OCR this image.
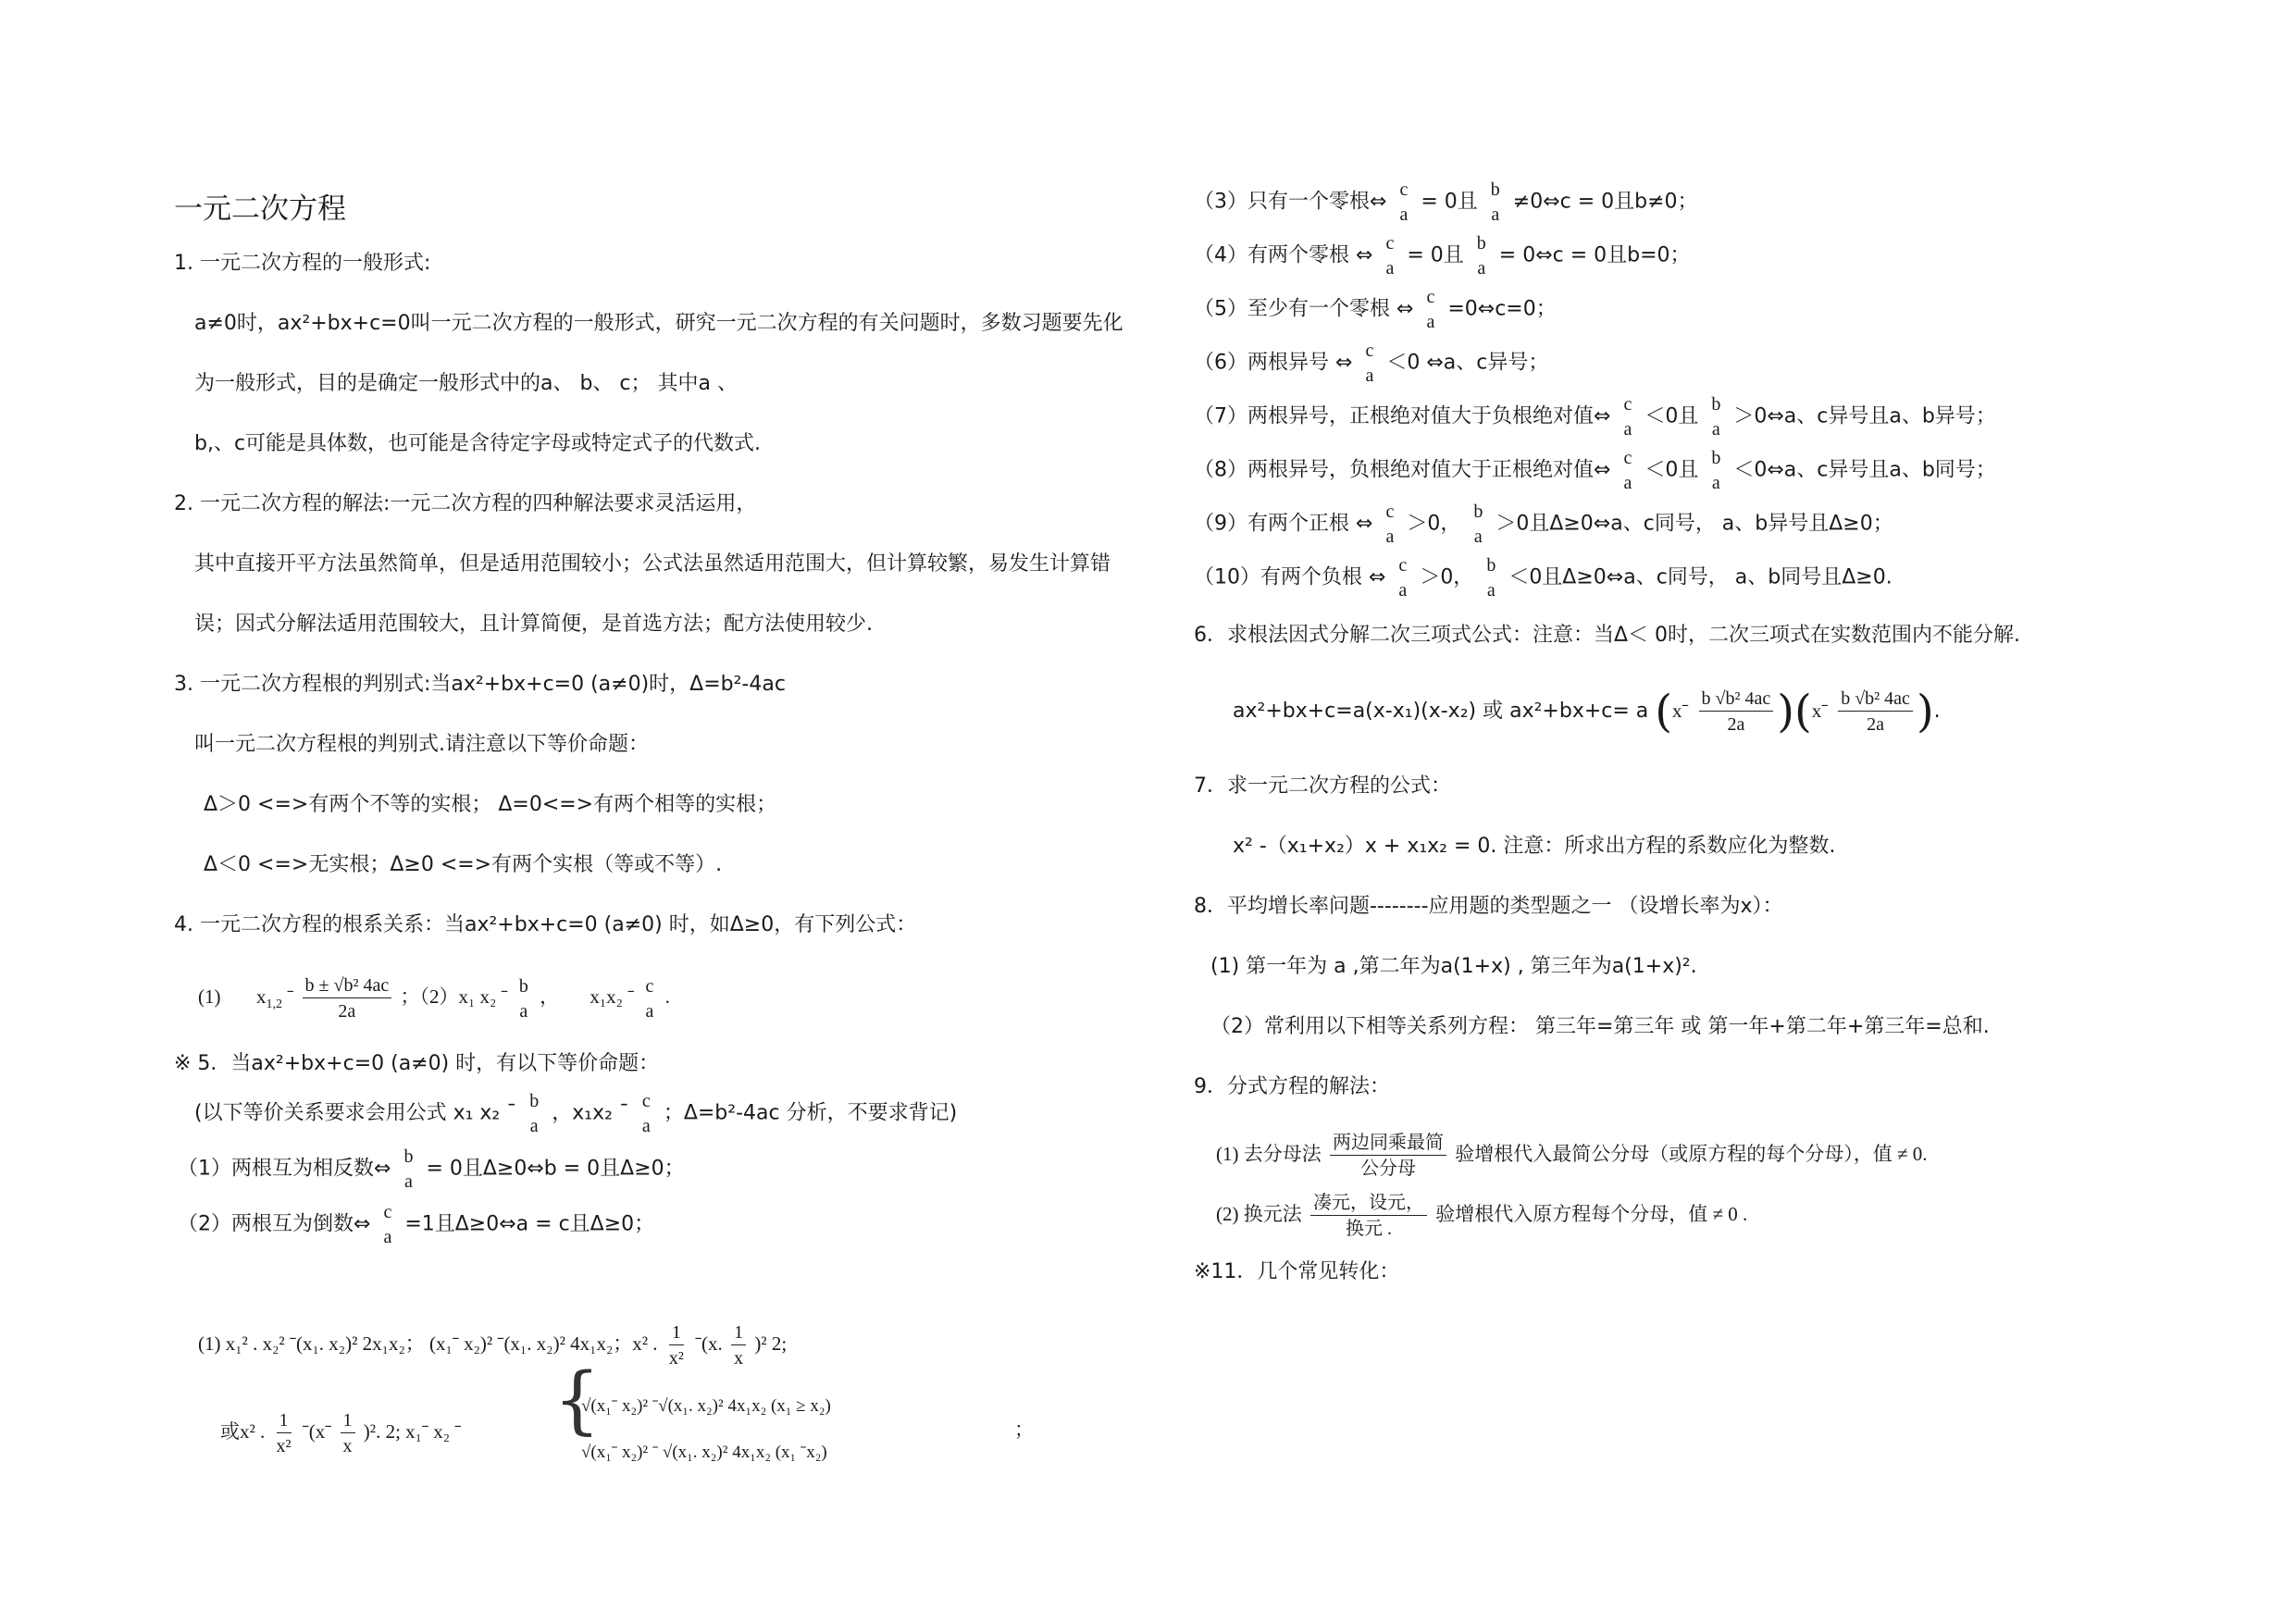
一元二次方程
1. 一元二次方程的一般形式:
a≠0时，ax²+bx+c=0叫一元二次方程的一般形式，研究一元二次方程的有关问题时，多数习题要先化
为一般形式，目的是确定一般形式中的a、 b、 c； 其中a 、
b,、c可能是具体数，也可能是含待定字母或特定式子的代数式.
2. 一元二次方程的解法:一元二次方程的四种解法要求灵活运用，
其中直接开平方法虽然简单，但是适用范围较小；公式法虽然适用范围大，但计算较繁，易发生计算错
误；因式分解法适用范围较大，且计算简便，是首选方法；配方法使用较少.
3. 一元二次方程根的判别式:当ax²+bx+c=0 (a≠0)时，Δ=b²-4ac
叫一元二次方程根的判别式.请注意以下等价命题：
Δ＞0 <=>有两个不等的实根； Δ=0<=>有两个相等的实根；
Δ＜0 <=>无实根；Δ≥0 <=>有两个实根（等或不等）.
4. 一元二次方程的根系关系：当ax²+bx+c=0 (a≠0) 时，如Δ≥0，有下列公式：
(1) $x_{1,2}$ ˉ $\frac{\text{b ± √b² 4ac}}{2a}$ ；（2）x₁ x₂ ˉ b
a
， x₁x₂ ˉ c
a
.
※ 5．当ax²+bx+c=0 (a≠0) 时，有以下等价命题：
(以下等价关系要求会用公式 x₁ x₂ ˉ
b
a
，x₁x₂ ˉ
c
a
；Δ=b²-4ac 分析，不要求背记)
（1）两根互为相反数⇔
b
a
= 0且Δ≥0⇔b = 0且Δ≥0；
（2）两根互为倒数⇔
c
a
=1且Δ≥0⇔a = c且Δ≥0；
(1) x₁² . x₂² ˉ(x₁. x₂)² 2x₁x₂； (x₁ˉ x₂)² ˉ(x₁. x₂)² 4x₁x₂；x² . $\frac{1}{\text{x²}}$ ˉ(x. $\frac{1}{x} )^2$ 2;
或x² . $\frac{1}{\text{x²}}$ ˉ(xˉ $\frac{1}{x} )^2$. 2; x₁ˉ x₂ ˉ {
√(x₁ˉ x₂)² ˉ√(x₁. x₂)² 4x₁x₂ (x₁ ≥ x₂)
√(x₁ˉ x₂)² ˉ √(x₁. x₂)² 4x₁x₂ (x₁ ˉx₂)
；
（3）只有一个零根⇔
c
a
= 0且
b
a
≠0⇔c = 0且b≠0；
（4）有两个零根 ⇔
c
a
= 0且
b
a
= 0⇔c = 0且b=0；
（5）至少有一个零根 ⇔
c
a
=0⇔c=0；
（6）两根异号 ⇔
c
a
＜0 ⇔a、c异号；
（7）两根异号，正根绝对值大于负根绝对值⇔
c
a
＜0且
b
a
＞0⇔a、c异号且a、b异号；
（8）两根异号，负根绝对值大于正根绝对值⇔
c
a
＜0且
b
a
＜0⇔a、c异号且a、b同号；
（9）有两个正根 ⇔
c
a
＞0，
b
a
＞0且Δ≥0⇔a、c同号， a、b异号且Δ≥0；
（10）有两个负根 ⇔
c
a
＞0，
b
a
＜0且Δ≥0⇔a、c同号， a、b同号且Δ≥0.
6．求根法因式分解二次三项式公式：注意：当Δ＜ 0时，二次三项式在实数范围内不能分解.
ax²+bx+c=a(x-x₁)(x-x₂) 或 ax²+bx+c= a (xˉ $\frac{\text{b √b² 4ac}}{2a}$ )(xˉ $\frac{\text{b √b² 4ac}}{2a}$ ).
7．求一元二次方程的公式：
x² -（x₁+x₂）x + x₁x₂ = 0. 注意：所求出方程的系数应化为整数.
8．平均增长率问题--------应用题的类型题之一 （设增长率为x）：
(1) 第一年为 a ,第二年为a(1+x) , 第三年为a(1+x)².
（2）常利用以下相等关系列方程： 第三年=第三年 或 第一年+第二年+第三年=总和.
9．分式方程的解法：
(1) 去分母法 $\frac{\text{两边同乘最简}}{\text{公分母}}$ 验增根代入最简公分母（或原方程的每个分母），值 ≠ 0.
(2) 换元法 $\frac{\text{凑元，设元，}}{\text{换元 .}}$ 验增根代入原方程每个分母，值 ≠ 0 .
※11．几个常见转化：
